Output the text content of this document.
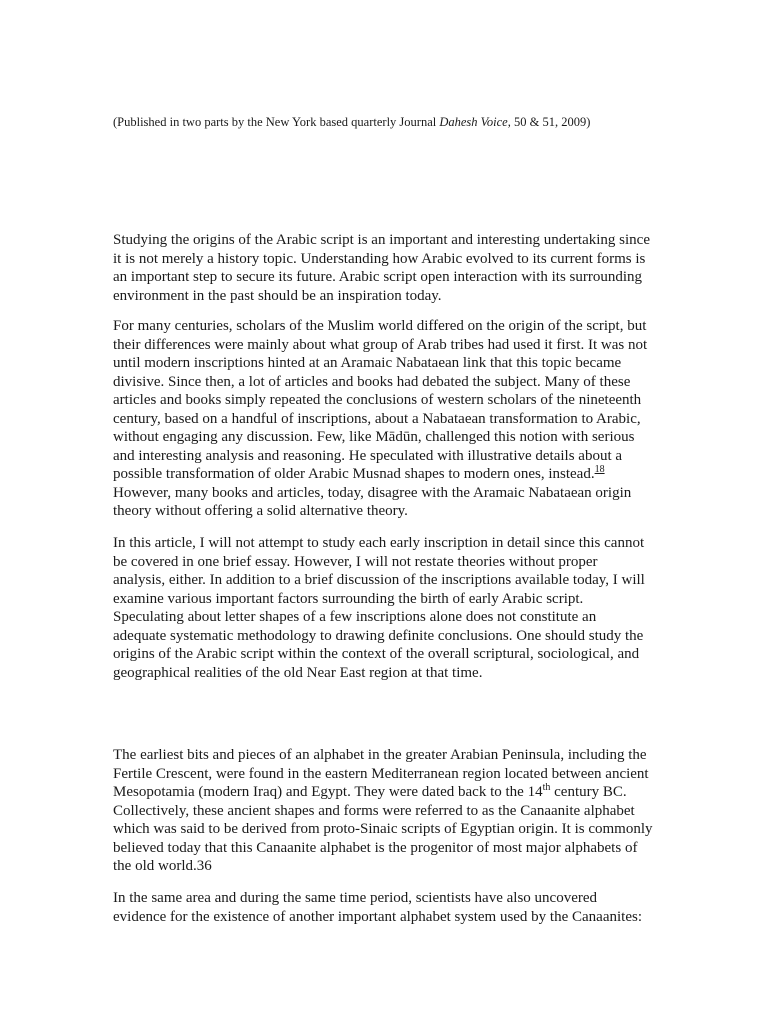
(Published in two parts by the New York based quarterly Journal Dahesh Voice, 50 & 51, 2009)
Studying the origins of the Arabic script is an important and interesting undertaking since
it is not merely a history topic. Understanding how Arabic evolved to its current forms is
an important step to secure its future. Arabic script open interaction with its surrounding
environment in the past should be an inspiration today.
For many centuries, scholars of the Muslim world differed on the origin of the script, but
their differences were mainly about what group of Arab tribes had used it first. It was not
until modern inscriptions hinted at an Aramaic Nabataean link that this topic became
divisive. Since then, a lot of articles and books had debated the subject. Many of these
articles and books simply repeated the conclusions of western scholars of the nineteenth
century, based on a handful of inscriptions, about a Nabataean transformation to Arabic,
without engaging any discussion. Few, like Mādūn, challenged this notion with serious
and interesting analysis and reasoning. He speculated with illustrative details about a
possible transformation of older Arabic Musnad shapes to modern ones, instead.$^{18}$
However, many books and articles, today, disagree with the Aramaic Nabataean origin
theory without offering a solid alternative theory.
In this article, I will not attempt to study each early inscription in detail since this cannot
be covered in one brief essay. However, I will not restate theories without proper
analysis, either. In addition to a brief discussion of the inscriptions available today, I will
examine various important factors surrounding the birth of early Arabic script.
Speculating about letter shapes of a few inscriptions alone does not constitute an
adequate systematic methodology to drawing definite conclusions. One should study the
origins of the Arabic script within the context of the overall scriptural, sociological, and
geographical realities of the old Near East region at that time.
The earliest bits and pieces of an alphabet in the greater Arabian Peninsula, including the
Fertile Crescent, were found in the eastern Mediterranean region located between ancient
Mesopotamia (modern Iraq) and Egypt. They were dated back to the 14th century BC.
Collectively, these ancient shapes and forms were referred to as the Canaanite alphabet
which was said to be derived from proto-Sinaic scripts of Egyptian origin. It is commonly
believed today that this Canaanite alphabet is the progenitor of most major alphabets of
the old world.36
In the same area and during the same time period, scientists have also uncovered
evidence for the existence of another important alphabet system used by the Canaanites:
